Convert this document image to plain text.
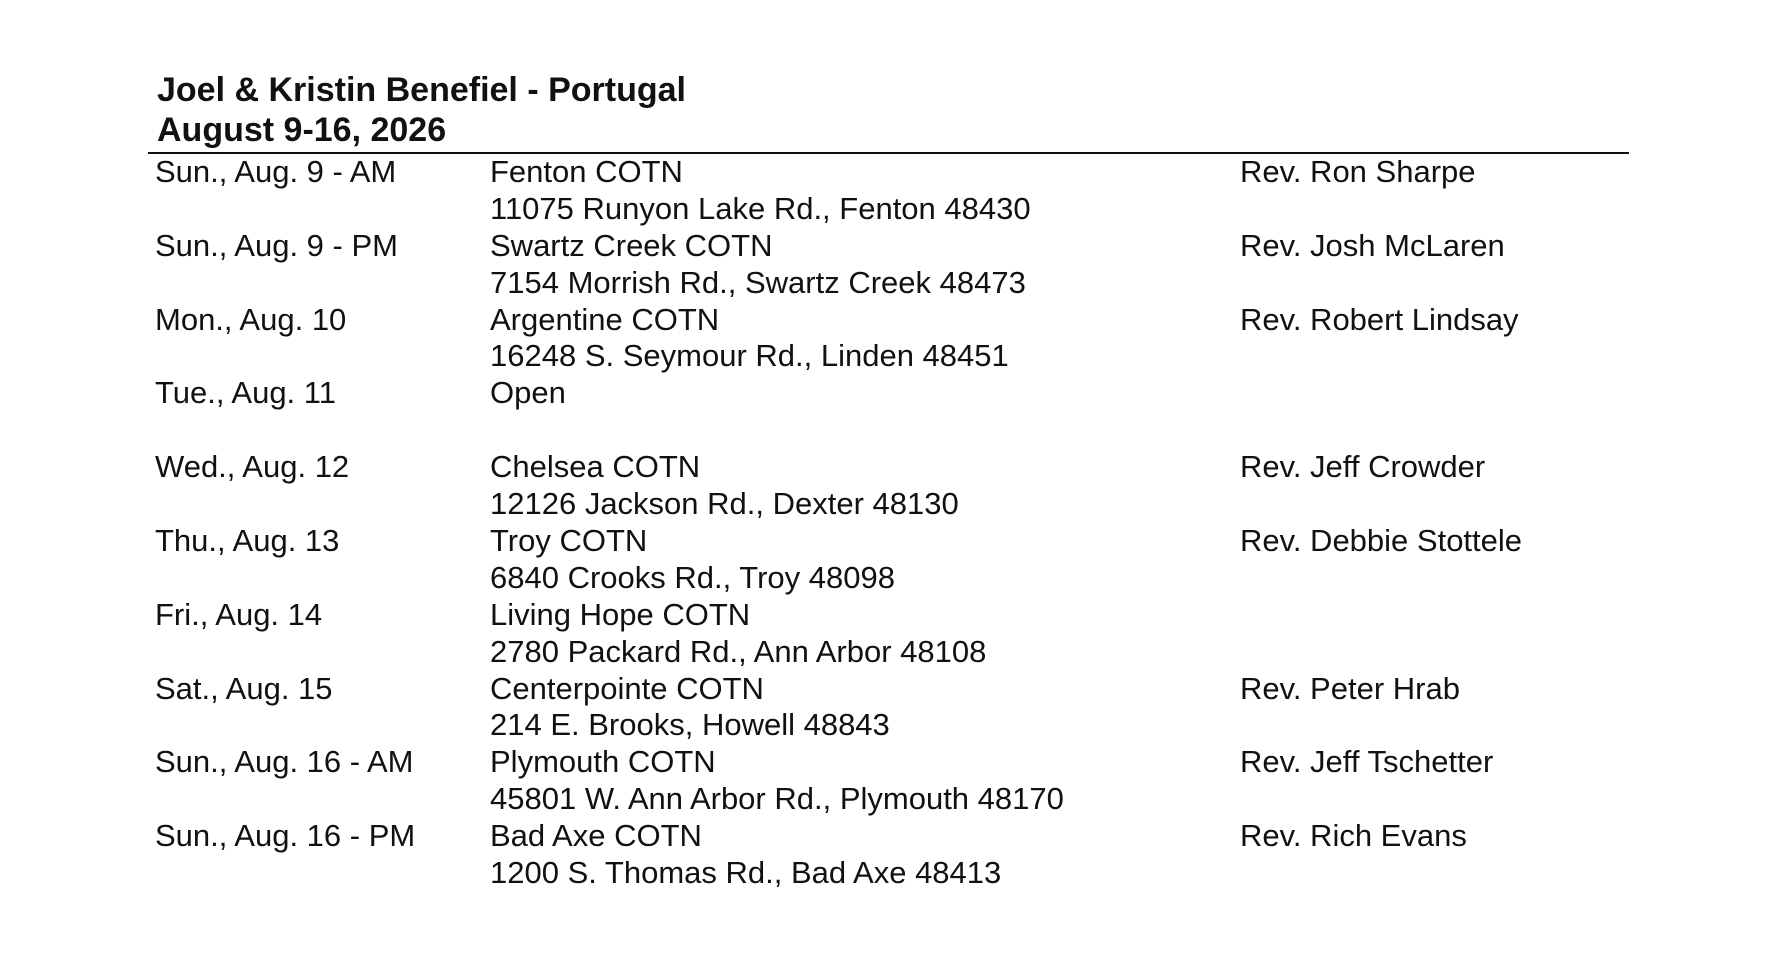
Joel & Kristin Benefiel - Portugal
August 9-16, 2026
Sun., Aug. 9 - AM	Fenton COTN
11075 Runyon Lake Rd., Fenton 48430
Rev. Ron Sharpe
Sun., Aug. 9 - PM	Swartz Creek COTN
7154 Morrish Rd., Swartz Creek 48473
Rev. Josh McLaren
Mon., Aug. 10	Argentine COTN
16248 S. Seymour Rd., Linden 48451
Rev. Robert Lindsay
Tue., Aug. 11	Open
Wed., Aug. 12	Chelsea COTN
12126 Jackson Rd., Dexter 48130
Rev. Jeff Crowder
Thu., Aug. 13	Troy COTN
6840 Crooks Rd., Troy 48098
Rev. Debbie Stottele
Fri., Aug. 14	Living Hope COTN
2780 Packard Rd., Ann Arbor 48108
Sat., Aug. 15	Centerpointe COTN
214 E. Brooks, Howell 48843
Rev. Peter Hrab
Sun., Aug. 16 - AM Plymouth COTN
45801 W. Ann Arbor Rd., Plymouth 48170
Rev. Jeff Tschetter
Sun., Aug. 16 - PM Bad Axe COTN
1200 S. Thomas Rd., Bad Axe 48413
Rev. Rich Evans
